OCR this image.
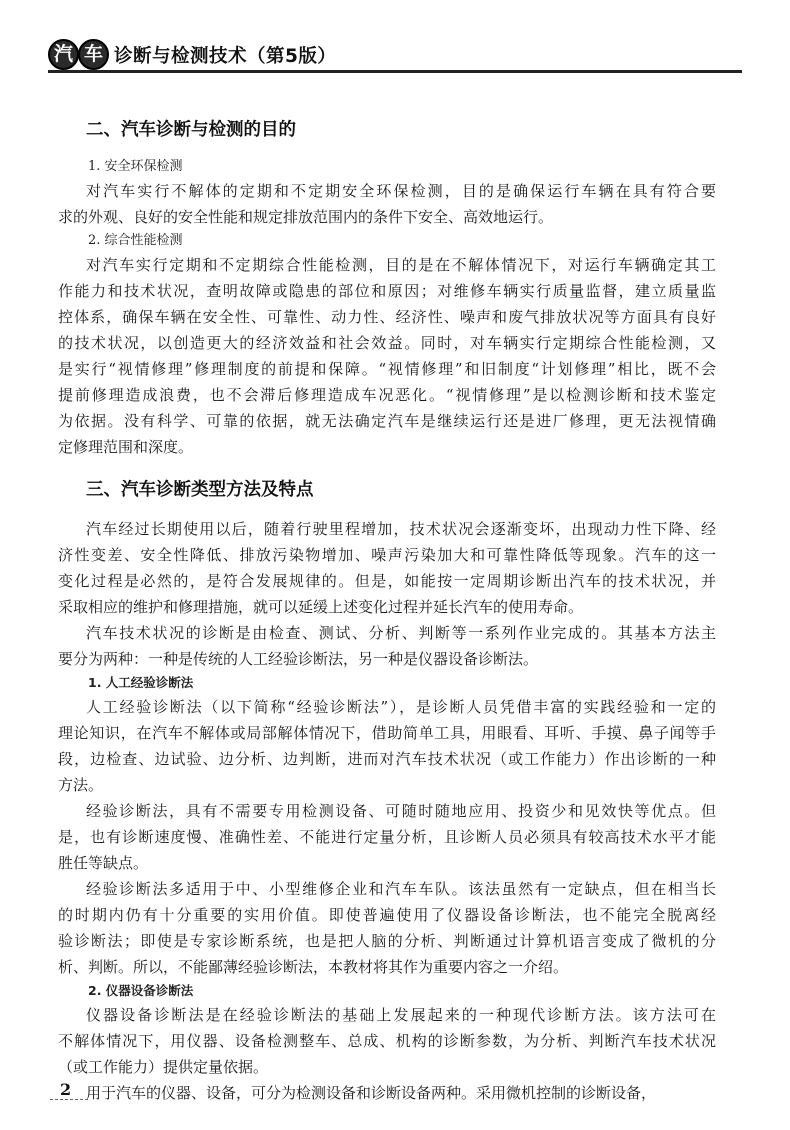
汽 车 诊断与检测技术（第5版）
二、汽车诊断与检测的目的
1. 安全环保检测
对汽车实行不解体的定期和不定期安全环保检测，目的是确保运行车辆在具有符合要
求的外观、良好的安全性能和规定排放范围内的条件下安全、高效地运行。
2. 综合性能检测
对汽车实行定期和不定期综合性能检测，目的是在不解体情况下，对运行车辆确定其工
作能力和技术状况，查明故障或隐患的部位和原因；对维修车辆实行质量监督，建立质量监
控体系，确保车辆在安全性、可靠性、动力性、经济性、噪声和废气排放状况等方面具有良好
的技术状况，以创造更大的经济效益和社会效益。同时，对车辆实行定期综合性能检测，又
是实行“视情修理”修理制度的前提和保障。“视情修理”和旧制度“计划修理”相比，既不会
提前修理造成浪费，也不会滞后修理造成车况恶化。“视情修理”是以检测诊断和技术鉴定
为依据。没有科学、可靠的依据，就无法确定汽车是继续运行还是进厂修理，更无法视情确
定修理范围和深度。
三、汽车诊断类型方法及特点
汽车经过长期使用以后，随着行驶里程增加，技术状况会逐渐变坏，出现动力性下降、经
济性变差、安全性降低、排放污染物增加、噪声污染加大和可靠性降低等现象。汽车的这一
变化过程是必然的，是符合发展规律的。但是，如能按一定周期诊断出汽车的技术状况，并
采取相应的维护和修理措施，就可以延缓上述变化过程并延长汽车的使用寿命。
汽车技术状况的诊断是由检查、测试、分析、判断等一系列作业完成的。其基本方法主
要分为两种：一种是传统的人工经验诊断法，另一种是仪器设备诊断法。
1. 人工经验诊断法
人工经验诊断法（以下简称“经验诊断法”），是诊断人员凭借丰富的实践经验和一定的
理论知识，在汽车不解体或局部解体情况下，借助简单工具，用眼看、耳听、手摸、鼻子闻等手
段，边检查、边试验、边分析、边判断，进而对汽车技术状况（或工作能力）作出诊断的一种
方法。
经验诊断法，具有不需要专用检测设备、可随时随地应用、投资少和见效快等优点。但
是，也有诊断速度慢、准确性差、不能进行定量分析，且诊断人员必须具有较高技术水平才能
胜任等缺点。
经验诊断法多适用于中、小型维修企业和汽车车队。该法虽然有一定缺点，但在相当长
的时期内仍有十分重要的实用价值。即使普遍使用了仪器设备诊断法，也不能完全脱离经
验诊断法；即使是专家诊断系统，也是把人脑的分析、判断通过计算机语言变成了微机的分
析、判断。所以，不能鄙薄经验诊断法，本教材将其作为重要内容之一介绍。
2. 仪器设备诊断法
仪器设备诊断法是在经验诊断法的基础上发展起来的一种现代诊断方法。该方法可在
不解体情况下，用仪器、设备检测整车、总成、机构的诊断参数，为分析、判断汽车技术状况
（或工作能力）提供定量依据。
用于汽车的仪器、设备，可分为检测设备和诊断设备两种。采用微机控制的诊断设备，
2
